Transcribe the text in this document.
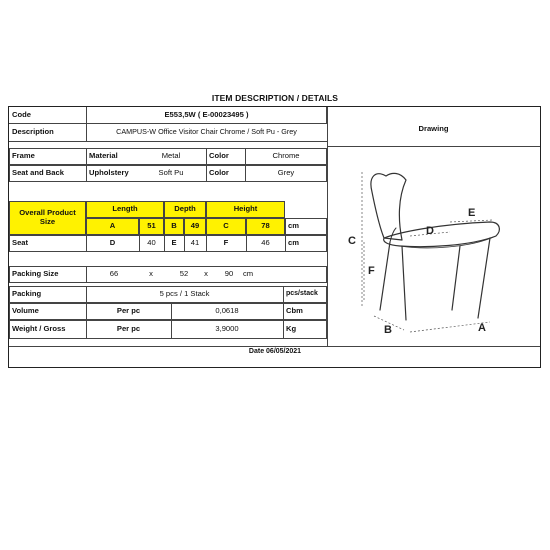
ITEM DESCRIPTION / DETAILS
Code	E553,5W ( E-00023495 )
Description	CAMPUS-W Office Visitor Chair Chrome / Soft Pu - Grey	Drawing
Frame	Material	Metal	Color	Chrome
Seat and Back	Upholstery	Soft Pu	Color	Grey
Overall Product Size
Length	Depth	Height
A	51	B	49	C	78	cm
Seat	D	40	E	41	F	46	cm
Packing Size	66	x	52	x	90	cm
Packing	5 pcs / 1 Stack	pcs/stack
Volume	Per pc	0,0618	Cbm
Weight / Gross	Per pc	3,9000	Kg
Date 06/05/2021
C
F
D
E
B	A
